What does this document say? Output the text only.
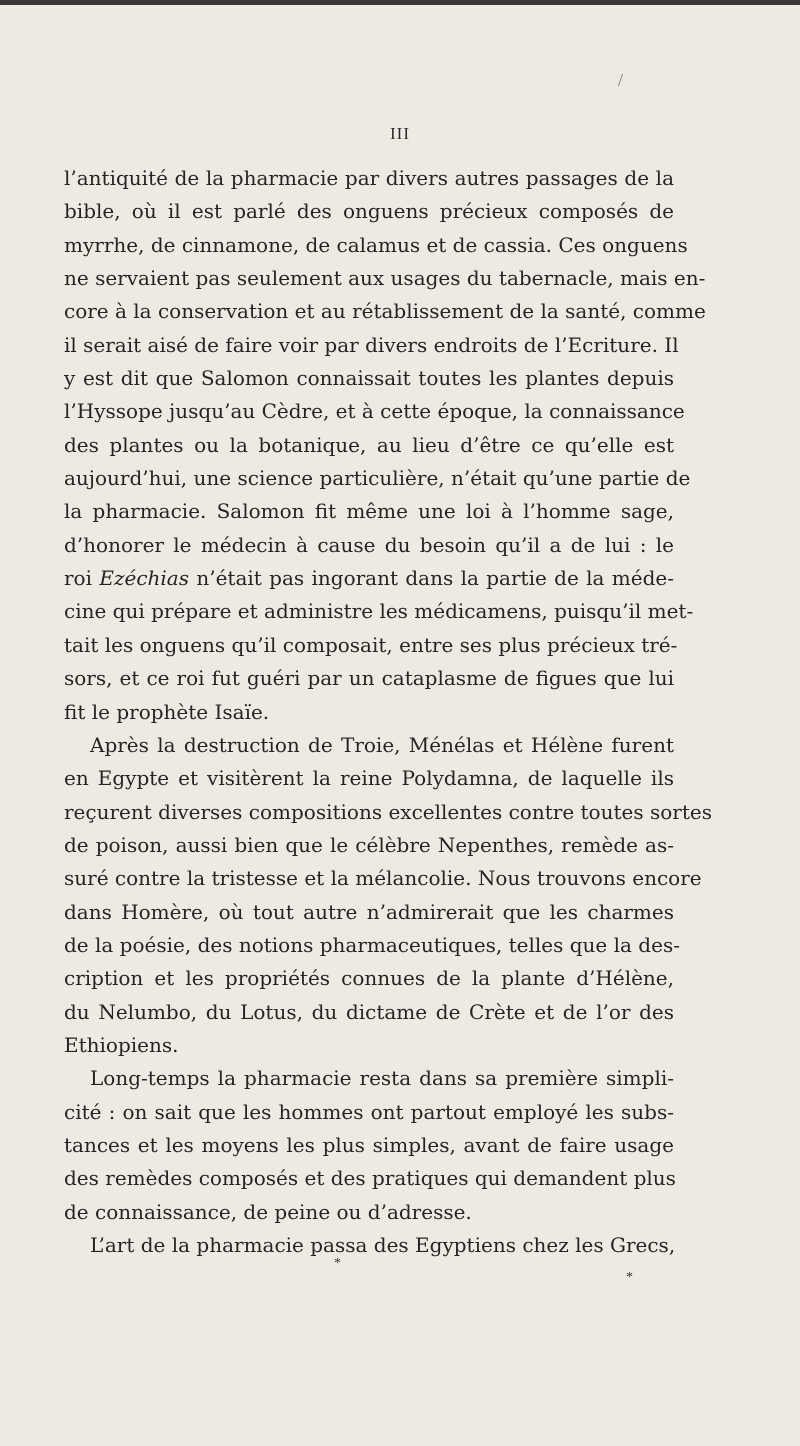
/
III
l’antiquité de la pharmacie par divers autres passages de la
bible, où il est parlé des onguens précieux composés de
myrrhe, de cinnamone, de calamus et de cassia. Ces onguens
ne servaient pas seulement aux usages du tabernacle, mais en-
core à la conservation et au rétablissement de la santé, comme
il serait aisé de faire voir par divers endroits de l’Ecriture. Il
y est dit que Salomon connaissait toutes les plantes depuis
l’Hyssope jusqu’au Cèdre, et à cette époque, la connaissance
des plantes ou la botanique, au lieu d’être ce qu’elle est
aujourd’hui, une science particulière, n’était qu’une partie de
la pharmacie. Salomon fit même une loi à l’homme sage,
d’honorer le médecin à cause du besoin qu’il a de lui : le
roi Ezéchias n’était pas ingorant dans la partie de la méde-
cine qui prépare et administre les médicamens, puisqu’il met-
tait les onguens qu’il composait, entre ses plus précieux tré-
sors, et ce roi fut guéri par un cataplasme de figues que lui
fit le prophète Isaïe.
Après la destruction de Troie, Ménélas et Hélène furent
en Egypte et visitèrent la reine Polydamna, de laquelle ils
reçurent diverses compositions excellentes contre toutes sortes
de poison, aussi bien que le célèbre Nepenthes, remède as-
suré contre la tristesse et la mélancolie. Nous trouvons encore
dans Homère, où tout autre n’admirerait que les charmes
de la poésie, des notions pharmaceutiques, telles que la des-
cription et les propriétés connues de la plante d’Hélène,
du Nelumbo, du Lotus, du dictame de Crète et de l’or des
Ethiopiens.
Long-temps la pharmacie resta dans sa première simpli-
cité : on sait que les hommes ont partout employé les subs-
tances et les moyens les plus simples, avant de faire usage
des remèdes composés et des pratiques qui demandent plus
de connaissance, de peine ou d’adresse.
L’art de la pharmacie passa des Egyptiens chez les Grecs,
*
*
